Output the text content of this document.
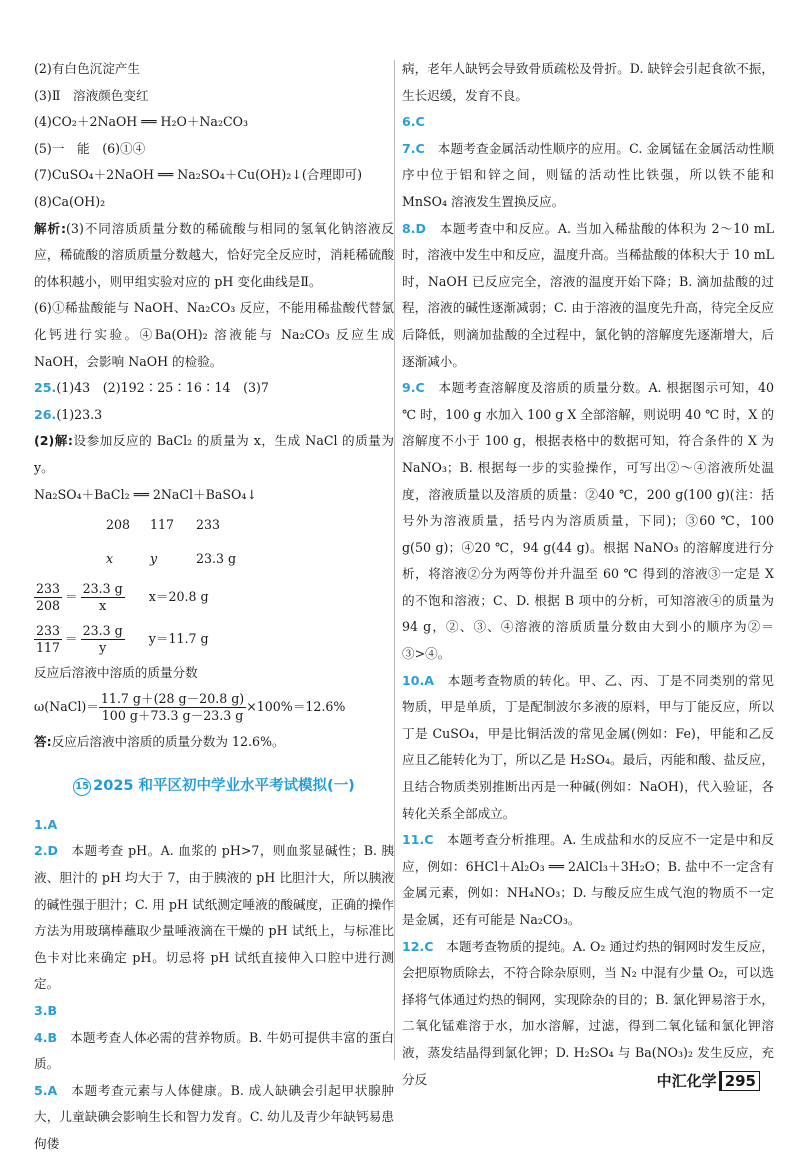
(2)有白色沉淀产生

(3)Ⅱ　溶液颜色变红

(4)CO₂＋2NaOH ══ H₂O＋Na₂CO₃

(5)一　能　(6)①④

(7)CuSO₄＋2NaOH ══ Na₂SO₄＋Cu(OH)₂↓(合理即可)

(8)Ca(OH)₂

解析:(3)不同溶质质量分数的稀硫酸与相同的氢氧化钠溶液反应，稀硫酸的溶质质量分数越大，恰好完全反应时，消耗稀硫酸的体积越小，则甲组实验对应的 pH 变化曲线是Ⅱ。

(6)①稀盐酸能与 NaOH、Na₂CO₃ 反应，不能用稀盐酸代替氯化钙进行实验。④Ba(OH)₂ 溶液能与 Na₂CO₃ 反应生成 NaOH，会影响 NaOH 的检验。

25.(1)43　(2)192∶25∶16∶14　(3)7

26.(1)23.3

(2)解:设参加反应的 BaCl₂ 的质量为 x，生成 NaCl 的质量为 y。

Na₂SO₄＋BaCl₂ ══ 2NaCl＋BaSO₄↓

208	117	233
x	y	23.3 g
$\frac{233}{208} = \frac{23.3 g}{x}$	x＝20.8 g
$\frac{233}{117} = \frac{23.3 g}{y}$	y＝11.7 g

反应后溶液中溶质的质量分数

ω(NaCl)＝ $\frac{11.7 g+(28 g-20.8 g)}{100 g+73.3 g-23.3 g} \times 100\%=12.6\%$

答:反应后溶液中溶质的质量分数为 12.6%。

15 2025 和平区初中学业水平考试模拟(一)

1.A

2.D　 本题考查 pH。A. 血浆的 pH>7，则血浆显碱性；B. 胰液、胆汁的 pH 均大于 7，由于胰液的 pH 比胆汁大，所以胰液的碱性强于胆汁；C. 用 pH 试纸测定唾液的酸碱度，正确的操作方法为用玻璃棒蘸取少量唾液滴在干燥的 pH 试纸上，与标准比色卡对比来确定 pH。切忌将 pH 试纸直接伸入口腔中进行测定。

3.B

4.B　 本题考查人体必需的营养物质。B. 牛奶可提供丰富的蛋白质。

5.A　 本题考查元素与人体健康。B. 成人缺碘会引起甲状腺肿大，儿童缺碘会影响生长和智力发育。C. 幼儿及青少年缺钙易患佝偻

病，老年人缺钙会导致骨质疏松及骨折。D. 缺锌会引起食欲不振，生长迟缓，发育不良。

6.C

7.C　 本题考查金属活动性顺序的应用。C. 金属锰在金属活动性顺序中位于铝和锌之间，则锰的活动性比铁强，所以铁不能和 MnSO₄ 溶液发生置换反应。

8.D　 本题考查中和反应。A. 当加入稀盐酸的体积为 2～10 mL 时，溶液中发生中和反应，温度升高。当稀盐酸的体积大于 10 mL 时，NaOH 已反应完全，溶液的温度开始下降；B. 滴加盐酸的过程，溶液的碱性逐渐减弱；C. 由于溶液的温度先升高，待完全反应后降低，则滴加盐酸的全过程中，氯化钠的溶解度先逐渐增大，后逐渐减小。

9.C　 本题考查溶解度及溶质的质量分数。A. 根据图示可知，40 ℃ 时，100 g 水加入 100 g X 全部溶解，则说明 40 ℃ 时，X 的溶解度不小于 100 g，根据表格中的数据可知，符合条件的 X 为 NaNO₃；B. 根据每一步的实验操作，可写出②～④溶液所处温度，溶液质量以及溶质的质量：②40 ℃，200 g(100 g)(注：括号外为溶液质量，括号内为溶质质量，下同)；③60 ℃，100 g(50 g)；④20 ℃，94 g(44 g)。根据 NaNO₃ 的溶解度进行分析，将溶液②分为两等份并升温至 60 ℃ 得到的溶液③一定是 X 的不饱和溶液；C、D. 根据 B 项中的分析，可知溶液④的质量为 94 g，②、③、④溶液的溶质质量分数由大到小的顺序为②＝③>④。

10.A　 本题考查物质的转化。甲、乙、丙、丁是不同类别的常见物质，甲是单质，丁是配制波尔多液的原料，甲与丁能反应，所以丁是 CuSO₄，甲是比铜活泼的常见金属(例如：Fe)，甲能和乙反应且乙能转化为丁，所以乙是 H₂SO₄。最后，丙能和酸、盐反应，且结合物质类别推断出丙是一种碱(例如：NaOH)，代入验证，各转化关系全部成立。

11.C　 本题考查分析推理。A. 生成盐和水的反应不一定是中和反应，例如：6HCl＋Al₂O₃ ══ 2AlCl₃＋3H₂O；B. 盐中不一定含有金属元素，例如：NH₄NO₃；D. 与酸反应生成气泡的物质不一定是金属，还有可能是 Na₂CO₃。

12.C　 本题考查物质的提纯。A. O₂ 通过灼热的铜网时发生反应，会把原物质除去，不符合除杂原则，当 N₂ 中混有少量 O₂，可以选择将气体通过灼热的铜网，实现除杂的目的；B. 氯化钾易溶于水，二氧化锰难溶于水，加水溶解，过滤，得到二氧化锰和氯化钾溶液，蒸发结晶得到氯化钾；D. H₂SO₄ 与 Ba(NO₃)₂ 发生反应，充分反	中汇化学 295
